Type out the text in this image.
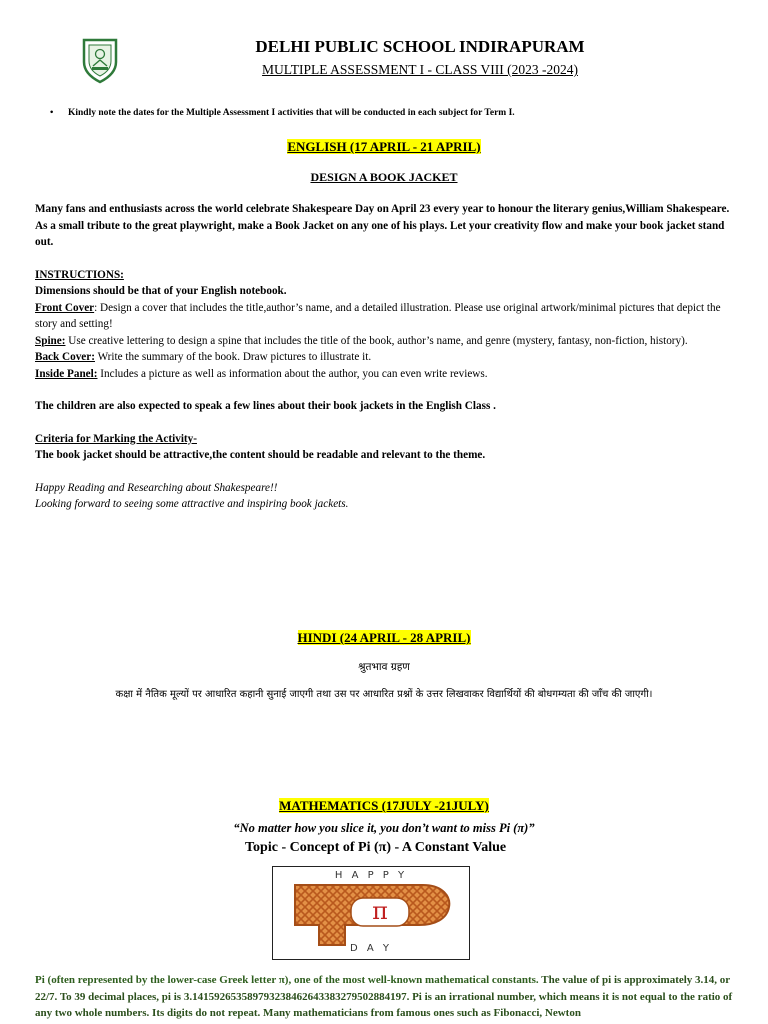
DELHI PUBLIC SCHOOL INDIRAPURAM
MULTIPLE ASSESSMENT I - CLASS VIII (2023 -2024)
• Kindly note the dates for the Multiple Assessment I activities that will be conducted in each subject for Term I.
ENGLISH (17 APRIL - 21 APRIL)
DESIGN A BOOK JACKET

Many fans and enthusiasts across the world celebrate Shakespeare Day on April 23 every year to honour the literary genius,William Shakespeare. As a small tribute to the great playwright, make a Book Jacket on any one of his plays. Let your creativity flow and make your book jacket stand out.

INSTRUCTIONS:

Dimensions should be that of your English notebook.

Front Cover: Design a cover that includes the title,author’s name, and a detailed illustration. Please use original artwork/minimal pictures that depict the story and setting!

Spine: Use creative lettering to design a spine that includes the title of the book, author’s name, and genre (mystery, fantasy, non-fiction, history).

Back Cover: Write the summary of the book. Draw pictures to illustrate it.

Inside Panel: Includes a picture as well as information about the author, you can even write reviews.

The children are also expected to speak a few lines about their book jackets in the English Class .

Criteria for Marking the Activity-

The book jacket should be attractive,the content should be readable and relevant to the theme.

Happy Reading and Researching about Shakespeare!!

Looking forward to seeing some attractive and inspiring book jackets.

HINDI (24 APRIL - 28 APRIL)
श्रुतभाव ग्रहण
कक्षा में नैतिक मूल्यों पर आधारित कहानी सुनाई जाएगी तथा उस पर आधारित प्रश्नों के उत्तर लिखवाकर विद्यार्थियों की बोधगम्यता की जाँच की जाएगी।
MATHEMATICS (17JULY -21JULY)
“No matter how you slice it, you don’t want to miss Pi (π)”
Topic - Concept of Pi (π) - A Constant Value
H A P P Y
π
D A Y
Pi (often represented by the lower-case Greek letter π), one of the most well-known mathematical constants. The value of pi is approximately 3.14, or 22/7. To 39 decimal places, pi is 3.141592653589793238462643383279502884197. Pi is an irrational number, which means it is not equal to the ratio of any two whole numbers. Its digits do not repeat. Many mathematicians from famous ones such as Fibonacci, Newton
